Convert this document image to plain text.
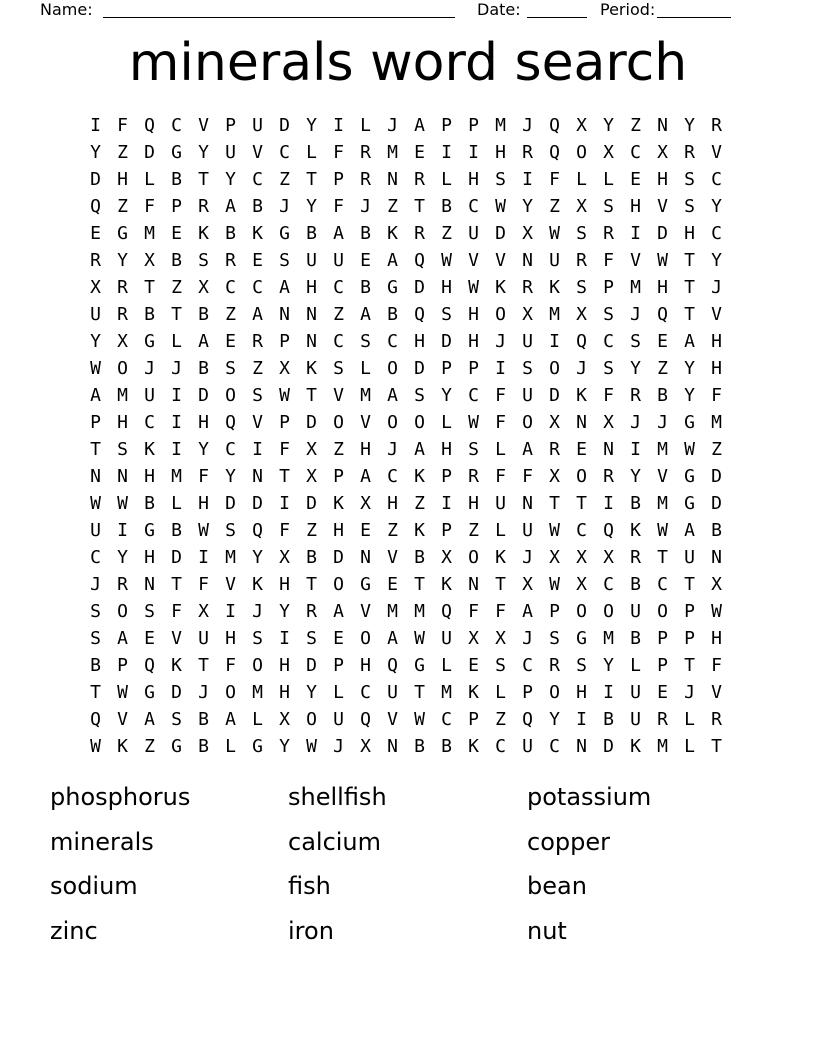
Name:	Date:	Period:
minerals word search
I F Q C V P U D Y I L J A P P M J Q X Y Z N Y R
Y Z D G Y U V C L F R M E I I H R Q O X C X R V
D H L B T Y C Z T P R N R L H S I F L L E H S C
Q Z F P R A B J Y F J Z T B C W Y Z X S H V S Y
E G M E K B K G B A B K R Z U D X W S R I D H C
R Y X B S R E S U U E A Q W V V N U R F V W T Y
X R T Z X C C A H C B G D H W K R K S P M H T J
U R B T B Z A N N Z A B Q S H O X M X S J Q T V
Y X G L A E R P N C S C H D H J U I Q C S E A H
W O J J B S Z X K S L O D P P I S O J S Y Z Y H
A M U I D O S W T V M A S Y C F U D K F R B Y F
P H C I H Q V P D O V O O L W F O X N X J J G M
T S K I Y C I F X Z H J A H S L A R E N I M W Z
N N H M F Y N T X P A C K P R F F X O R Y V G D
W W B L H D D I D K X H Z I H U N T T I B M G D
U I G B W S Q F Z H E Z K P Z L U W C Q K W A B
C Y H D I M Y X B D N V B X O K J X X X R T U N
J R N T F V K H T O G E T K N T X W X C B C T X
S O S F X I J Y R A V M M Q F F A P O O U O P W
S A E V U H S I S E O A W U X X J S G M B P P H
B P Q K T F O H D P H Q G L E S C R S Y L P T F
T W G D J O M H Y L C U T M K L P O H I U E J V
Q V A S B A L X O U Q V W C P Z Q Y I B U R L R
W K Z G B L G Y W J X N B B K C U C N D K M L T
phosphorus
minerals
sodium
zinc
shellfish
calcium
fish
iron
potassium
copper
bean
nut
